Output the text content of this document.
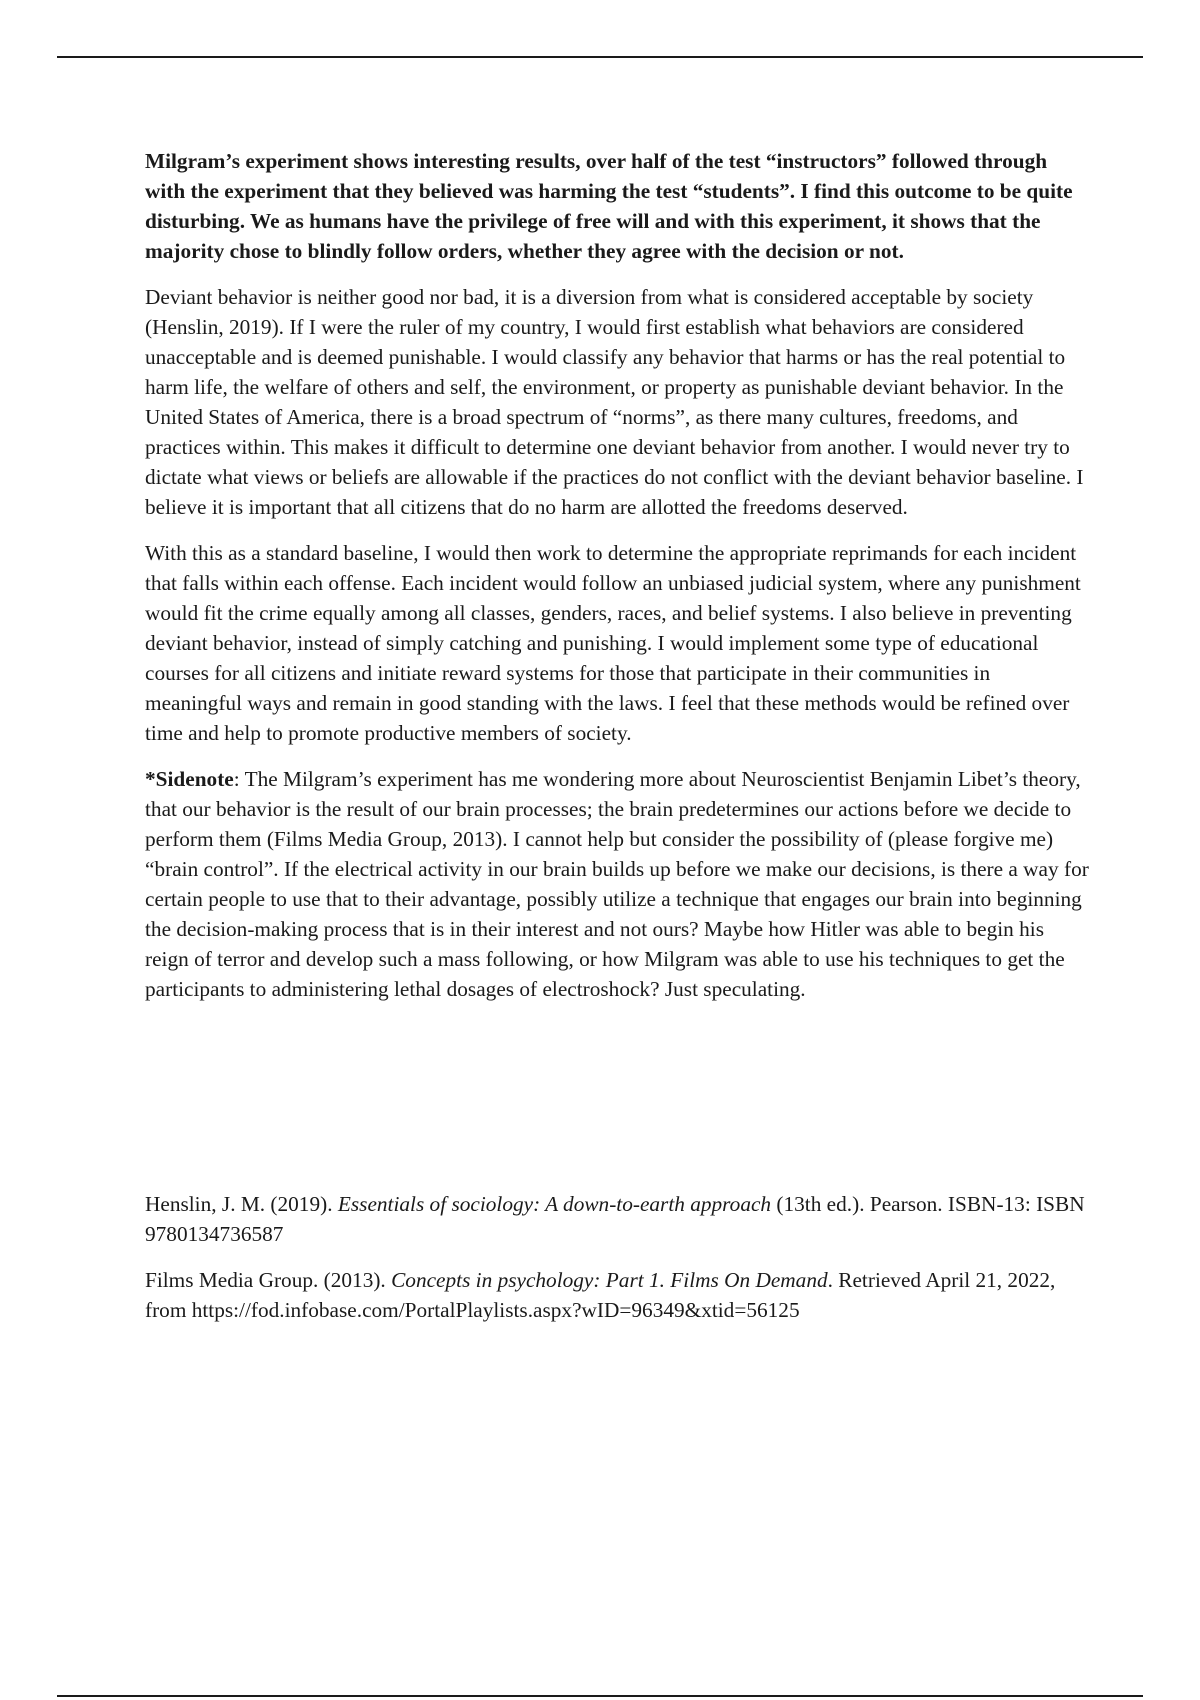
Milgram’s experiment shows interesting results, over half of the test “instructors” followed through with the experiment that they believed was harming the test “students”. I find this outcome to be quite disturbing. We as humans have the privilege of free will and with this experiment, it shows that the majority chose to blindly follow orders, whether they agree with the decision or not.

Deviant behavior is neither good nor bad, it is a diversion from what is considered acceptable by society (Henslin, 2019). If I were the ruler of my country, I would first establish what behaviors are considered unacceptable and is deemed punishable. I would classify any behavior that harms or has the real potential to harm life, the welfare of others and self, the environment, or property as punishable deviant behavior. In the United States of America, there is a broad spectrum of “norms”, as there many cultures, freedoms, and practices within. This makes it difficult to determine one deviant behavior from another. I would never try to dictate what views or beliefs are allowable if the practices do not conflict with the deviant behavior baseline. I believe it is important that all citizens that do no harm are allotted the freedoms deserved.

With this as a standard baseline, I would then work to determine the appropriate reprimands for each incident that falls within each offense. Each incident would follow an unbiased judicial system, where any punishment would fit the crime equally among all classes, genders, races, and belief systems. I also believe in preventing deviant behavior, instead of simply catching and punishing. I would implement some type of educational courses for all citizens and initiate reward systems for those that participate in their communities in meaningful ways and remain in good standing with the laws. I feel that these methods would be refined over time and help to promote productive members of society.

*Sidenote: The Milgram’s experiment has me wondering more about Neuroscientist Benjamin Libet’s theory, that our behavior is the result of our brain processes; the brain predetermines our actions before we decide to perform them (Films Media Group, 2013). I cannot help but consider the possibility of (please forgive me) “brain control”. If the electrical activity in our brain builds up before we make our decisions, is there a way for certain people to use that to their advantage, possibly utilize a technique that engages our brain into beginning the decision-making process that is in their interest and not ours? Maybe how Hitler was able to begin his reign of terror and develop such a mass following, or how Milgram was able to use his techniques to get the participants to administering lethal dosages of electroshock? Just speculating.

Henslin, J. M. (2019). Essentials of sociology: A down-to-earth approach (13th ed.). Pearson. ISBN-13: ISBN 9780134736587

Films Media Group. (2013). Concepts in psychology: Part 1. Films On Demand. Retrieved April 21, 2022, from https://fod.infobase.com/PortalPlaylists.aspx?wID=96349&xtid=56125
